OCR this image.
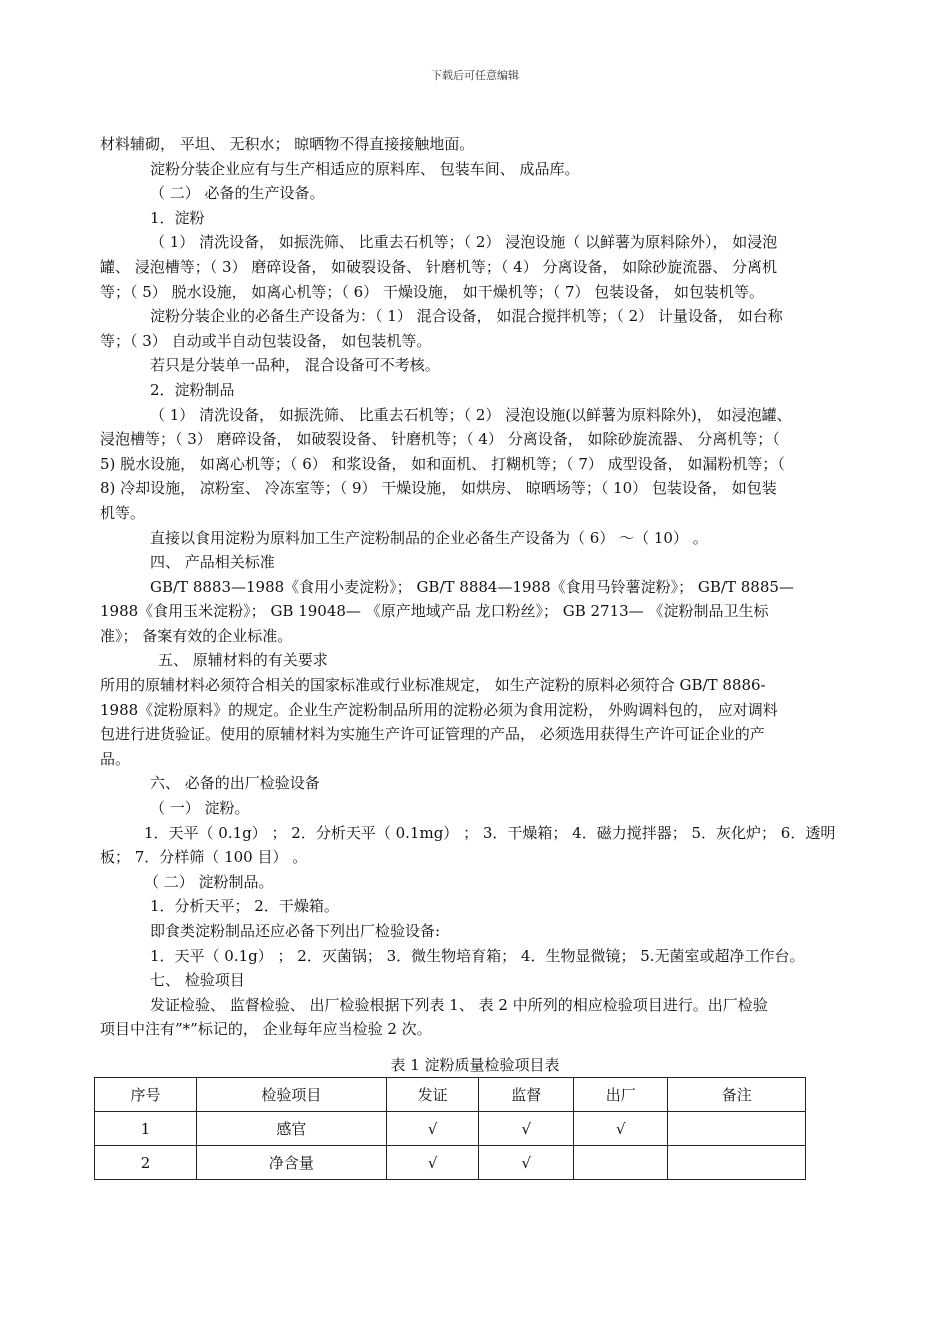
下载后可任意编辑
材料辅砌， 平坦、 无积水； 晾晒物不得直接接触地面。
淀粉分装企业应有与生产相适应的原料库、 包装车间、 成品库。
（ 二） 必备的生产设备。
1．淀粉
（ 1） 清洗设备， 如振洗筛、 比重去石机等；（ 2） 浸泡设施（ 以鲜薯为原料除外）， 如浸泡
罐、 浸泡槽等；（ 3） 磨碎设备， 如破裂设备、 针磨机等；（ 4） 分离设备， 如除砂旋流器、 分离机
等；（ 5） 脱水设施， 如离心机等；（ 6） 干燥设施， 如干燥机等；（ 7） 包装设备， 如包装机等。
淀粉分装企业的必备生产设备为：（ 1） 混合设备， 如混合搅拌机等；（ 2） 计量设备， 如台称
等；（ 3） 自动或半自动包装设备， 如包装机等。
若只是分装单一品种， 混合设备可不考核。
2．淀粉制品
（ 1） 清洗设备， 如振洗筛、 比重去石机等；（ 2） 浸泡设施(以鲜薯为原料除外)， 如浸泡罐、
浸泡槽等；（ 3） 磨碎设备， 如破裂设备、 针磨机等；（ 4） 分离设备， 如除砂旋流器、 分离机等；（
5) 脱水设施， 如离心机等；（ 6） 和浆设备， 如和面机、 打糊机等；（ 7） 成型设备， 如漏粉机等；（
8) 冷却设施， 凉粉室、 冷冻室等；（ 9） 干燥设施， 如烘房、 晾晒场等；（ 10） 包装设备， 如包装
机等。
直接以食用淀粉为原料加工生产淀粉制品的企业必备生产设备为（ 6） ～（ 10） 。
四、 产品相关标准
GB/T 8883—1988《食用小麦淀粉》； GB/T 8884—1988《食用马铃薯淀粉》； GB/T 8885—
1988《食用玉米淀粉》； GB 19048— 《原产地域产品 龙口粉丝》； GB 2713— 《淀粉制品卫生标
准》； 备案有效的企业标准。
五、 原辅材料的有关要求
所用的原辅材料必须符合相关的国家标准或行业标准规定， 如生产淀粉的原料必须符合 GB/T 8886-
1988《淀粉原料》的规定。企业生产淀粉制品所用的淀粉必须为食用淀粉， 外购调料包的， 应对调料
包进行进货验证。使用的原辅材料为实施生产许可证管理的产品， 必须选用获得生产许可证企业的产
品。
六、 必备的出厂检验设备
（ 一） 淀粉。
1．天平（ 0.1g） ； 2．分析天平（ 0.1mg） ； 3．干燥箱； 4．磁力搅拌器； 5．灰化炉； 6．透明
板； 7．分样筛（ 100 目） 。
（ 二） 淀粉制品。
1．分析天平； 2．干燥箱。
即食类淀粉制品还应必备下列出厂检验设备:
1．天平（ 0.1g） ； 2．灭菌锅； 3．微生物培育箱； 4．生物显微镜； 5.无菌室或超净工作台。
七、 检验项目
发证检验、 监督检验、 出厂检验根据下列表 1、 表 2 中所列的相应检验项目进行。出厂检验
项目中注有”*”标记的， 企业每年应当检验 2 次。
表 1 淀粉质量检验项目表
序号	检验项目	发证	监督	出厂	备注
1	感官	√	√	√	
2	净含量	√	√		
